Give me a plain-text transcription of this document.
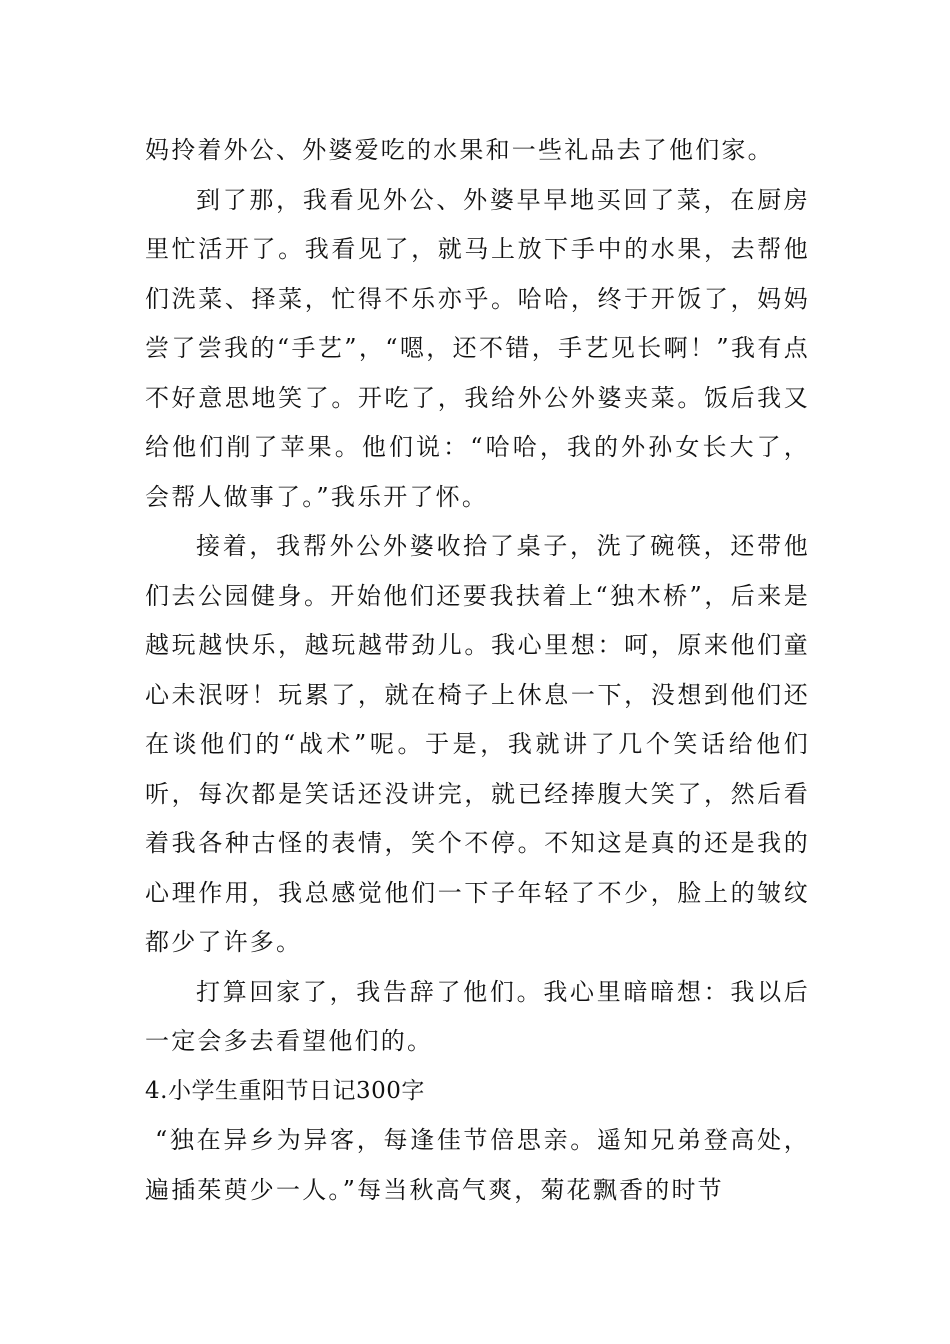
妈拎着外公、外婆爱吃的水果和一些礼品去了他们家。

到了那，我看见外公、外婆早早地买回了菜，在厨房里忙活开了。我看见了，就马上放下手中的水果，去帮他们洗菜、择菜，忙得不乐亦乎。哈哈，终于开饭了，妈妈尝了尝我的“手艺”，“嗯，还不错，手艺见长啊！”我有点不好意思地笑了。开吃了，我给外公外婆夹菜。饭后我又给他们削了苹果。他们说：“哈哈，我的外孙女长大了，会帮人做事了。”我乐开了怀。

接着，我帮外公外婆收拾了桌子，洗了碗筷，还带他们去公园健身。开始他们还要我扶着上“独木桥”，后来是越玩越快乐，越玩越带劲儿。我心里想：呵，原来他们童心未泯呀！玩累了，就在椅子上休息一下，没想到他们还在谈他们的“战术”呢。于是，我就讲了几个笑话给他们听，每次都是笑话还没讲完，就已经捧腹大笑了，然后看着我各种古怪的表情，笑个不停。不知这是真的还是我的心理作用，我总感觉他们一下子年轻了不少，脸上的皱纹都少了许多。

打算回家了，我告辞了他们。我心里暗暗想：我以后一定会多去看望他们的。

4.小学生重阳节日记300字

“独在异乡为异客，每逢佳节倍思亲。遥知兄弟登高处，遍插茱萸少一人。”每当秋高气爽，菊花飘香的时节
